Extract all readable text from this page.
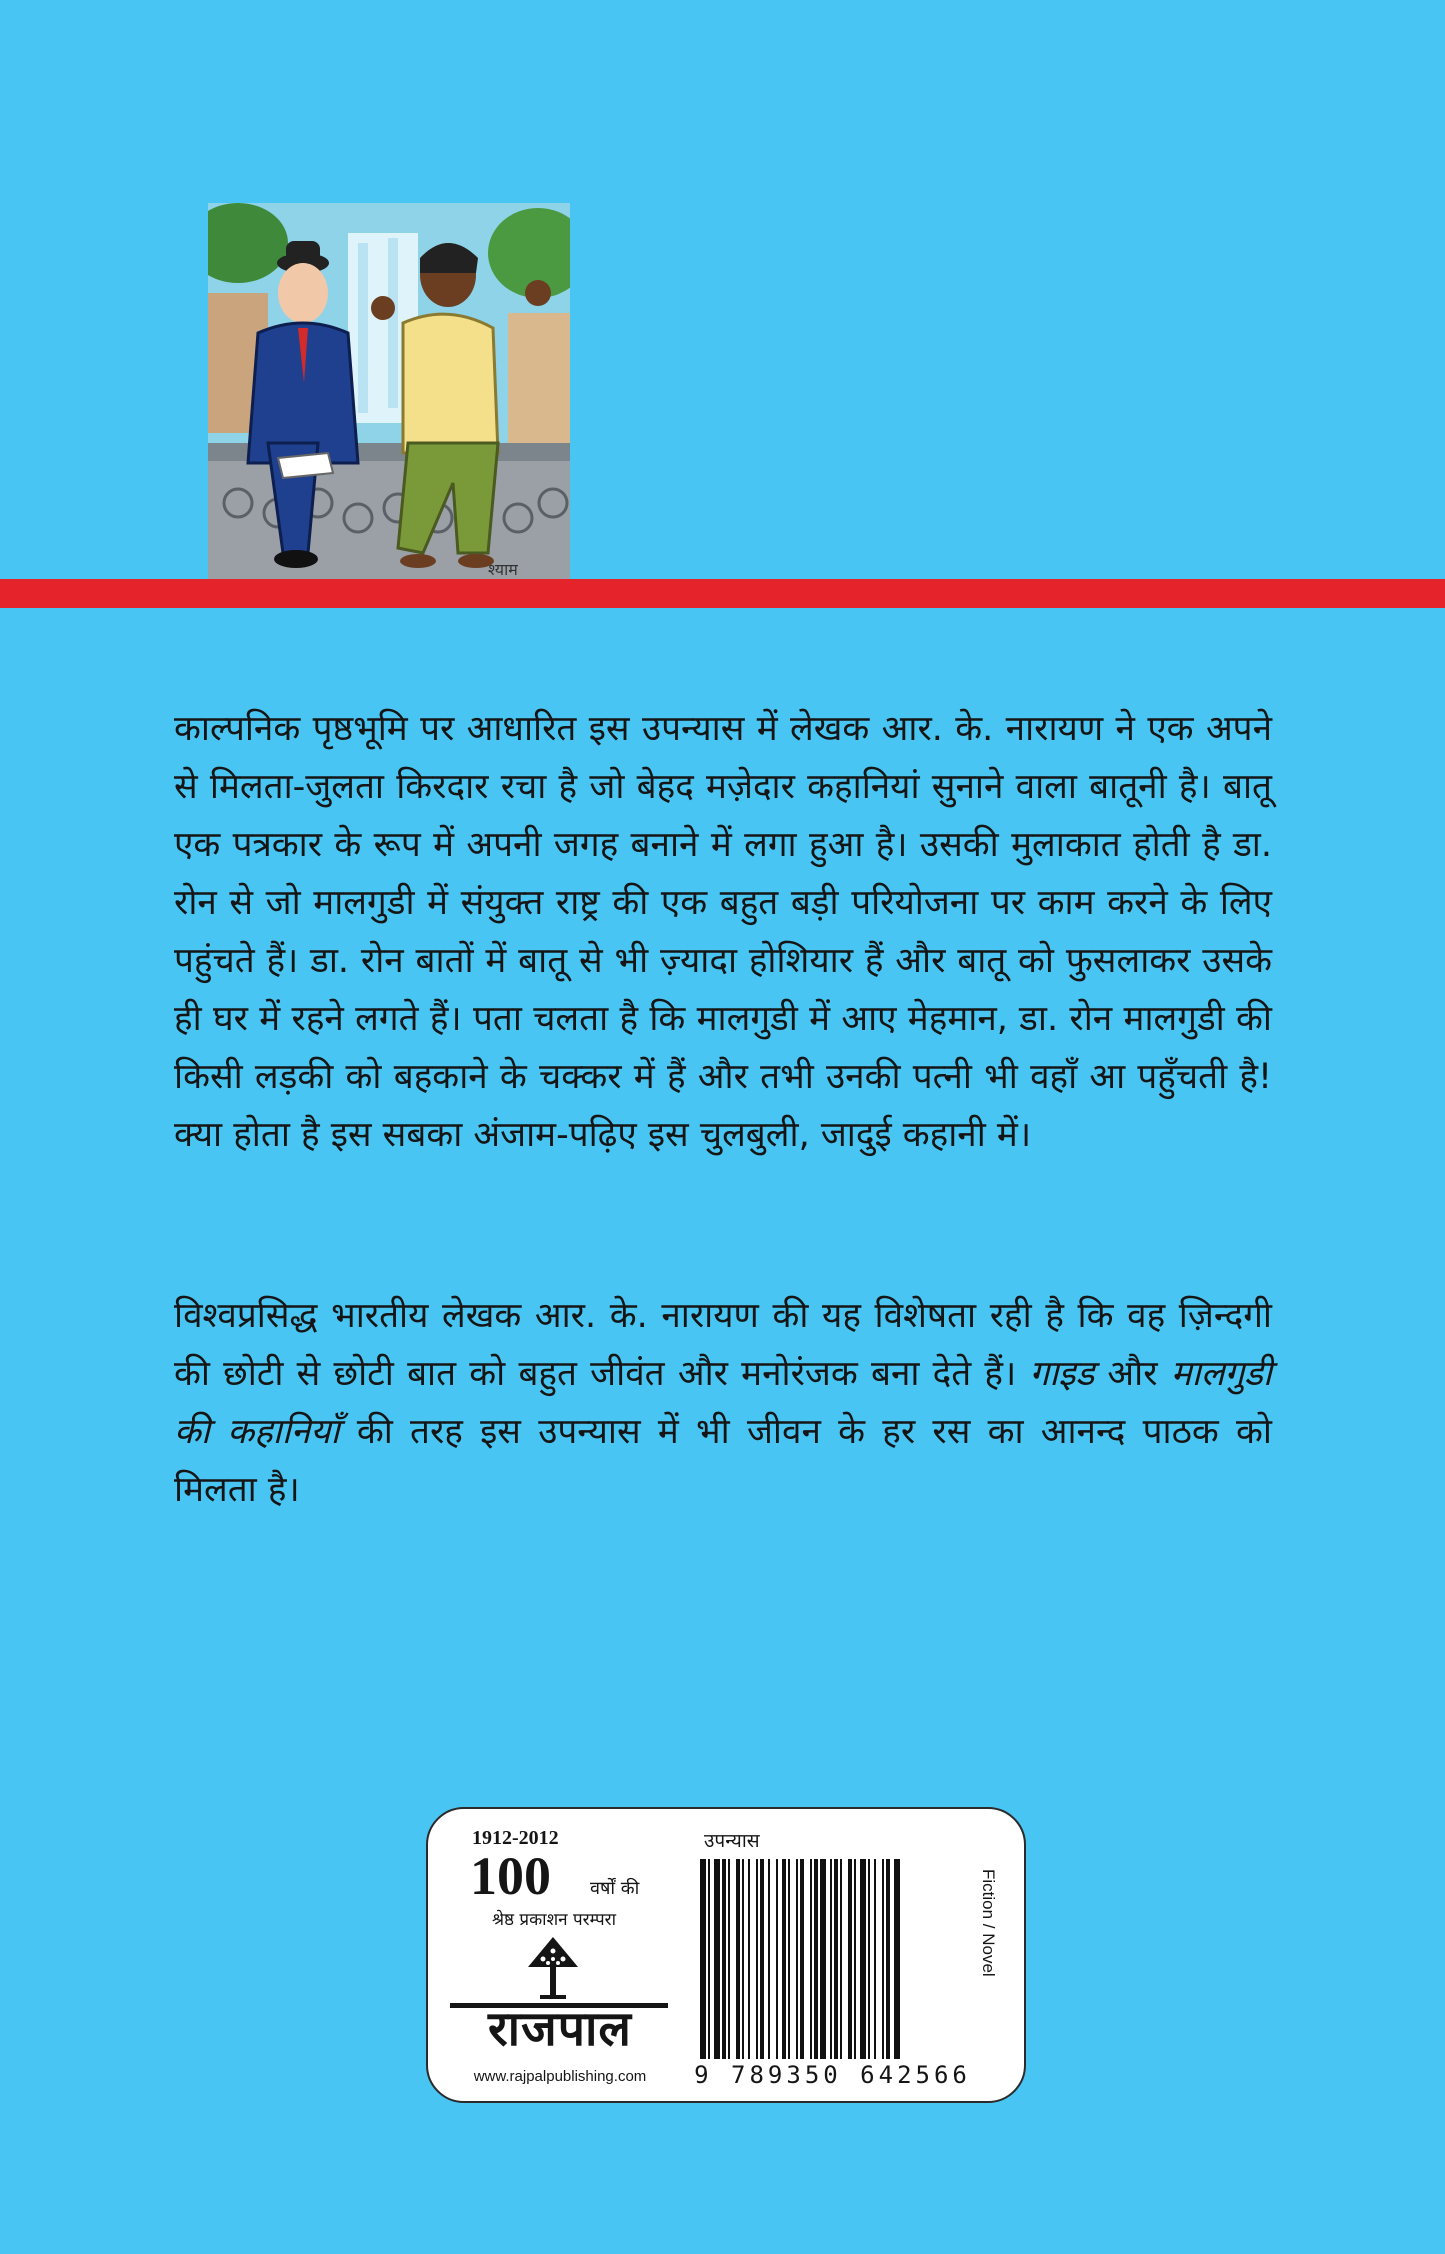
श्याम

काल्पनिक पृष्ठभूमि पर आधारित इस उपन्यास में लेखक आर. के. नारायण ने एक अपने से मिलता-जुलता किरदार रचा है जो बेहद मज़ेदार कहानियां सुनाने वाला बातूनी है। बातू एक पत्रकार के रूप में अपनी जगह बनाने में लगा हुआ है। उसकी मुलाकात होती है डा. रोन से जो मालगुडी में संयुक्त राष्ट्र की एक बहुत बड़ी परियोजना पर काम करने के लिए पहुंचते हैं। डा. रोन बातों में बातू से भी ज़्यादा होशियार हैं और बातू को फुसलाकर उसके ही घर में रहने लगते हैं। पता चलता है कि मालगुडी में आए मेहमान, डा. रोन मालगुडी की किसी लड़की को बहकाने के चक्कर में हैं और तभी उनकी पत्नी भी वहाँ आ पहुँचती है! क्या होता है इस सबका अंजाम-पढ़िए इस चुलबुली, जादुई कहानी में।

विश्वप्रसिद्ध भारतीय लेखक आर. के. नारायण की यह विशेषता रही है कि वह ज़िन्दगी की छोटी से छोटी बात को बहुत जीवंत और मनोरंजक बना देते हैं। गाइड और मालगुडी की कहानियाँ की तरह इस उपन्यास में भी जीवन के हर रस का आनन्द पाठक को मिलता है।

1912-2012
100 वर्षों की
श्रेष्ठ प्रकाशन परम्परा
राजपाल
www.rajpalpublishing.com
उपन्यास
9 789350 642566
Fiction / Novel
